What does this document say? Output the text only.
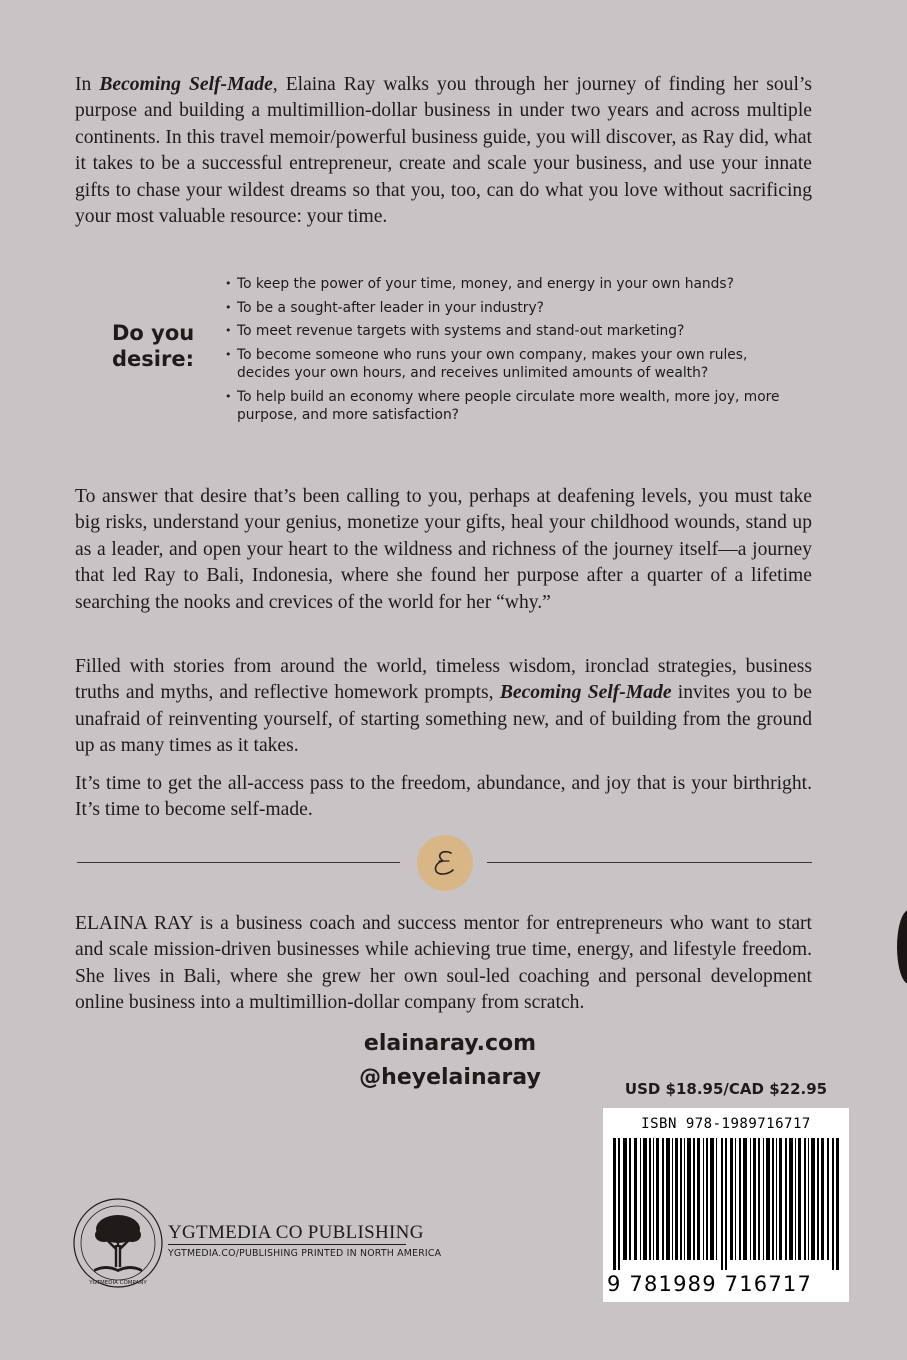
In Becoming Self-Made, Elaina Ray walks you through her journey of finding her soul’s purpose and building a multimillion-dollar business in under two years and across multiple continents. In this travel memoir/powerful business guide, you will discover, as Ray did, what it takes to be a successful entrepreneur, create and scale your business, and use your innate gifts to chase your wildest dreams so that you, too, can do what you love without sacrificing your most valuable resource: your time.

Do you
desire:
• To keep the power of your time, money, and energy in your own hands?
• To be a sought-after leader in your industry?
• To meet revenue targets with systems and stand-out marketing?
• To become someone who runs your own company, makes your own rules, decides your own hours, and receives unlimited amounts of wealth?
• To help build an economy where people circulate more wealth, more joy, more purpose, and more satisfaction?

To answer that desire that’s been calling to you, perhaps at deafening levels, you must take big risks, understand your genius, monetize your gifts, heal your childhood wounds, stand up as a leader, and open your heart to the wildness and richness of the journey itself—a journey that led Ray to Bali, Indonesia, where she found her purpose after a quarter of a lifetime searching the nooks and crevices of the world for her “why.”

Filled with stories from around the world, timeless wisdom, ironclad strategies, business truths and myths, and reflective homework prompts, Becoming Self-Made invites you to be unafraid of reinventing yourself, of starting something new, and of building from the ground up as many times as it takes.

It’s time to get the all-access pass to the freedom, abundance, and joy that is your birthright. It’s time to become self-made.

ELAINA RAY is a business coach and success mentor for entrepreneurs who want to start and scale mission-driven businesses while achieving true time, energy, and lifestyle freedom. She lives in Bali, where she grew her own soul-led coaching and personal development online business into a multimillion-dollar company from scratch.

elainaray.com

@heyelainaray	USD $18.95/CAD $22.95

ISBN 978-1989716717
9 781989 716717
YGTMEDIA COMPANY

YGTMEDIA CO PUBLISHING

YGTMEDIA.CO/PUBLISHING PRINTED IN NORTH AMERICA
